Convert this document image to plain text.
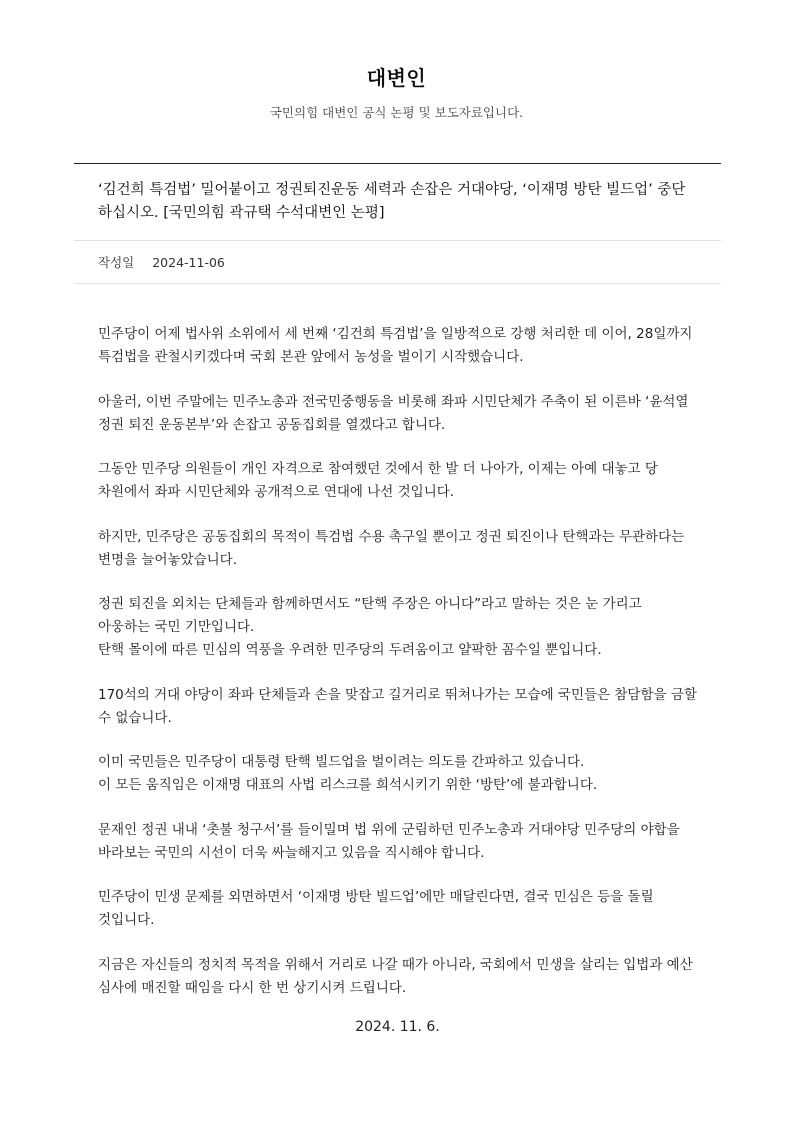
대변인

국민의힘 대변인 공식 논평 및 보도자료입니다.

‘김건희 특검법’ 밀어붙이고 정권퇴진운동 세력과 손잡은 거대야당, ‘이재명 방탄 빌드업’ 중단하십시오. [국민의힘 곽규택 수석대변인 논평]
작성일 2024-11-06

민주당이 어제 법사위 소위에서 세 번째 ‘김건희 특검법’을 일방적으로 강행 처리한 데 이어, 28일까지 특검법을 관철시키겠다며 국회 본관 앞에서 농성을 벌이기 시작했습니다.

아울러, 이번 주말에는 민주노총과 전국민중행동을 비롯해 좌파 시민단체가 주축이 된 이른바 ‘윤석열 정권 퇴진 운동본부’와 손잡고 공동집회를 열겠다고 합니다.

그동안 민주당 의원들이 개인 자격으로 참여했던 것에서 한 발 더 나아가, 이제는 아예 대놓고 당 차원에서 좌파 시민단체와 공개적으로 연대에 나선 것입니다.

하지만, 민주당은 공동집회의 목적이 특검법 수용 촉구일 뿐이고 정권 퇴진이나 탄핵과는 무관하다는 변명을 늘어놓았습니다.

정권 퇴진을 외치는 단체들과 함께하면서도 “탄핵 주장은 아니다”라고 말하는 것은 눈 가리고 아웅하는 국민 기만입니다.
탄핵 몰이에 따른 민심의 역풍을 우려한 민주당의 두려움이고 얄팍한 꼼수일 뿐입니다.

170석의 거대 야당이 좌파 단체들과 손을 맞잡고 길거리로 뛰쳐나가는 모습에 국민들은 참담함을 금할 수 없습니다.

이미 국민들은 민주당이 대통령 탄핵 빌드업을 벌이려는 의도를 간파하고 있습니다.
이 모든 움직임은 이재명 대표의 사법 리스크를 희석시키기 위한 ‘방탄’에 불과합니다.

문재인 정권 내내 ‘촛불 청구서’를 들이밀며 법 위에 군림하던 민주노총과 거대야당 민주당의 야합을 바라보는 국민의 시선이 더욱 싸늘해지고 있음을 직시해야 합니다.

민주당이 민생 문제를 외면하면서 ‘이재명 방탄 빌드업’에만 매달린다면, 결국 민심은 등을 돌릴 것입니다.

지금은 자신들의 정치적 목적을 위해서 거리로 나갈 때가 아니라, 국회에서 민생을 살리는 입법과 예산 심사에 매진할 때임을 다시 한 번 상기시켜 드립니다.

2024. 11. 6.
